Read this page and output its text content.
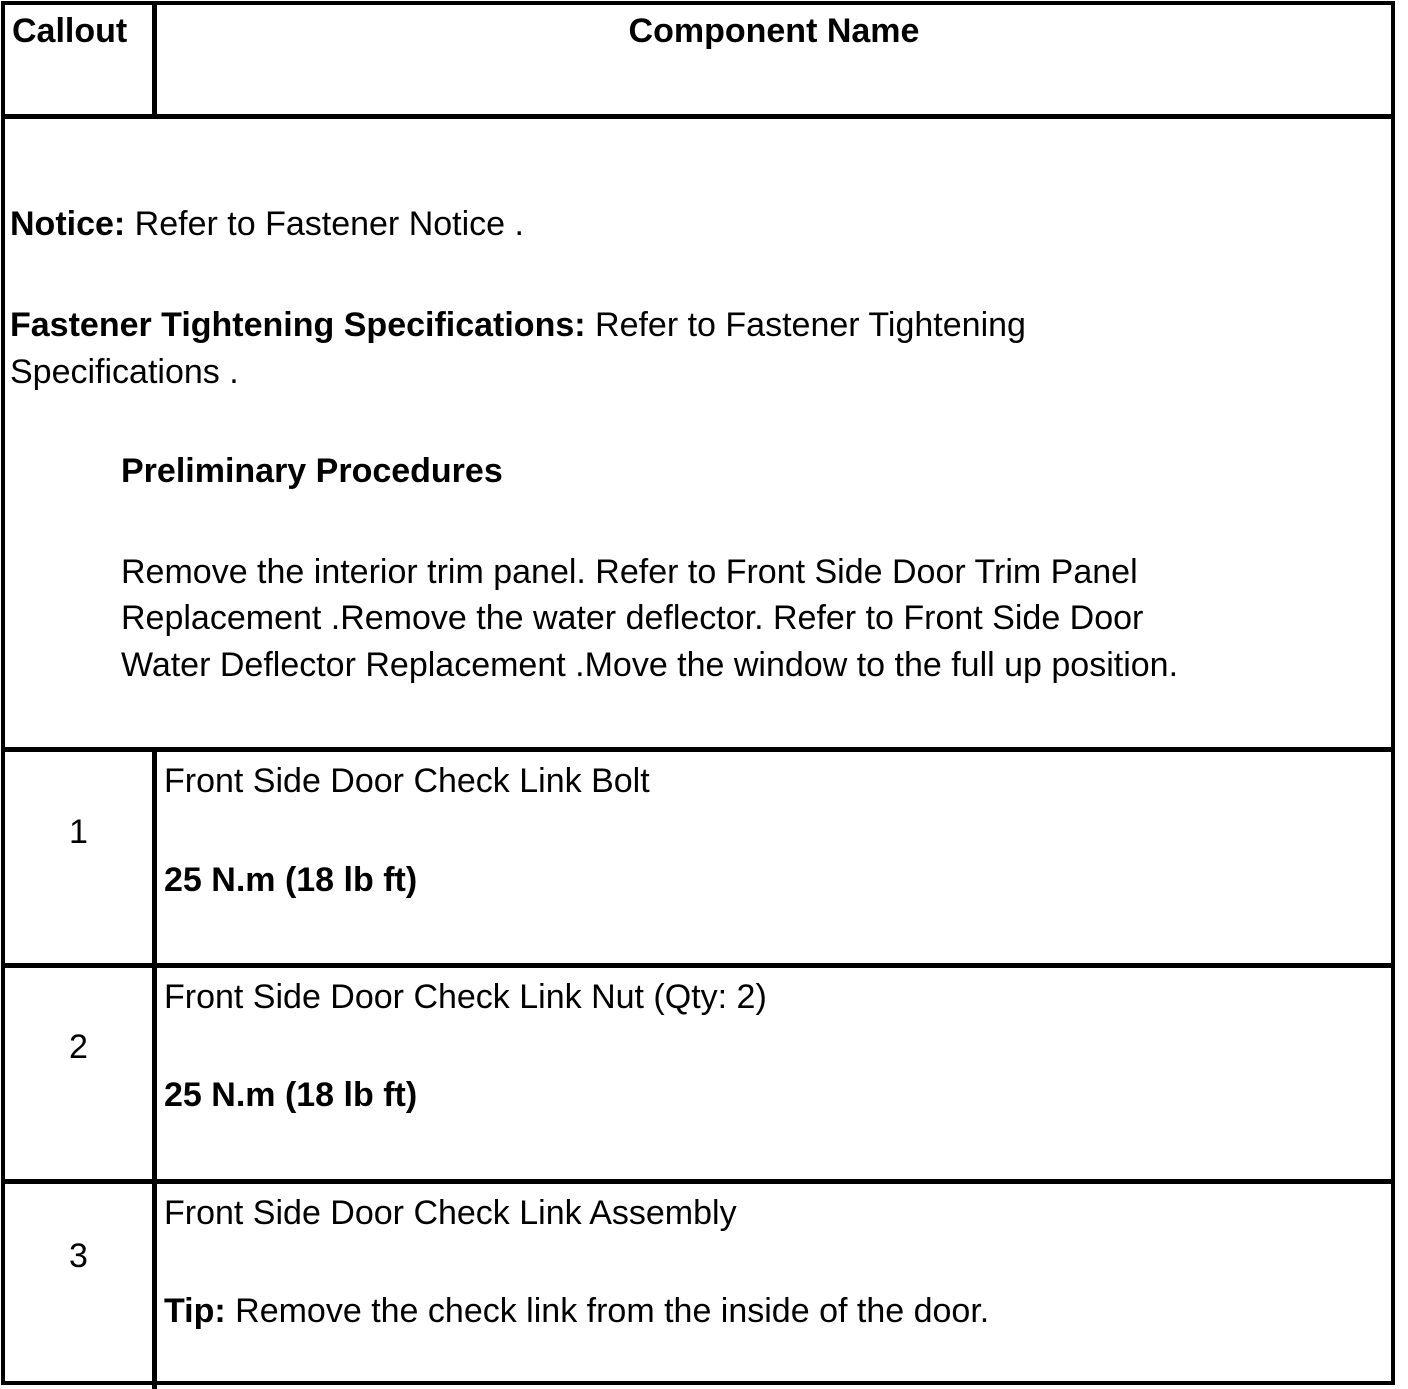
Callout	Component Name
Notice: Refer to Fastener Notice .
Fastener Tightening Specifications: Refer to Fastener Tightening
Specifications .
Preliminary Procedures
Remove the interior trim panel. Refer to Front Side Door Trim Panel
Replacement .Remove the water deflector. Refer to Front Side Door
Water Deflector Replacement .Move the window to the full up position.
1
Front Side Door Check Link Bolt
25 N.m (18 lb ft)
2
Front Side Door Check Link Nut (Qty: 2)
25 N.m (18 lb ft)
3
Front Side Door Check Link Assembly
Tip: Remove the check link from the inside of the door.
